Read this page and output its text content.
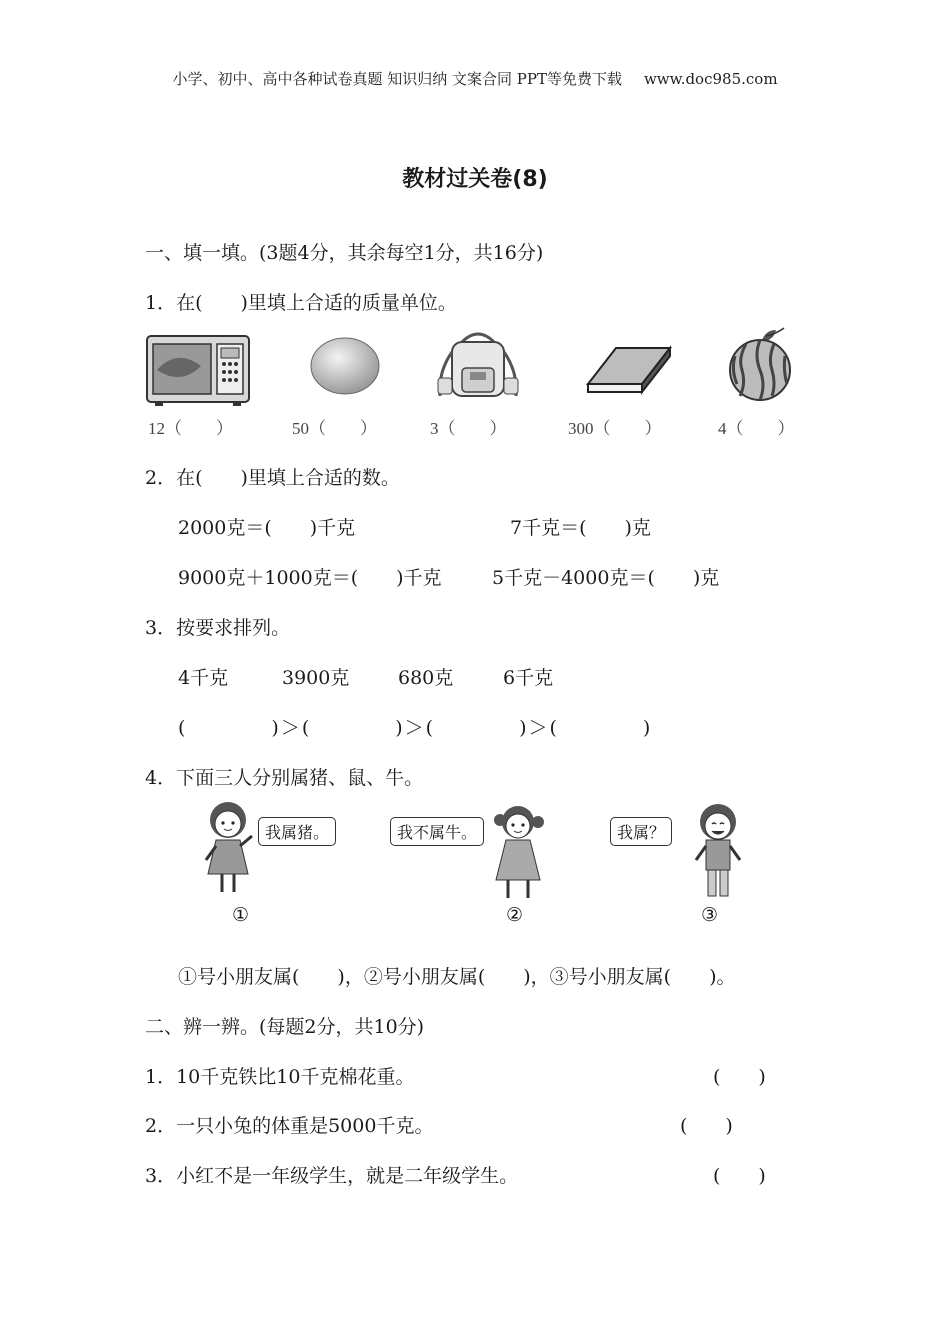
小学、初中、高中各种试卷真题 知识归纳 文案合同 PPT等免费下载 www.doc985.com
教材过关卷(8)
一、填一填。(3题4分，其余每空1分，共16分)
1．在(　　)里填上合适的质量单位。
12（　　）	50（　　）	3（　　）	300（　　）	4（　　）
2．在(　　)里填上合适的数。
2000克＝(　　)千克	7千克＝(　　)克
9000克＋1000克＝(　　)千克	5千克－4000克＝(　　)克
3．按要求排列。
4千克	3900克	680克	6千克
(　　　　)＞(　　　　)＞(　　　　)＞(　　　　)
4．下面三人分别属猪、鼠、牛。
我属猪。	我不属牛。	我属？
①	②	③
①号小朋友属(　　)，②号小朋友属(　　)，③号小朋友属(　　)。
二、辨一辨。(每题2分，共10分)
1．10千克铁比10千克棉花重。	(　　)
2．一只小兔的体重是5000千克。	(　　)
3．小红不是一年级学生，就是二年级学生。	(　　)
